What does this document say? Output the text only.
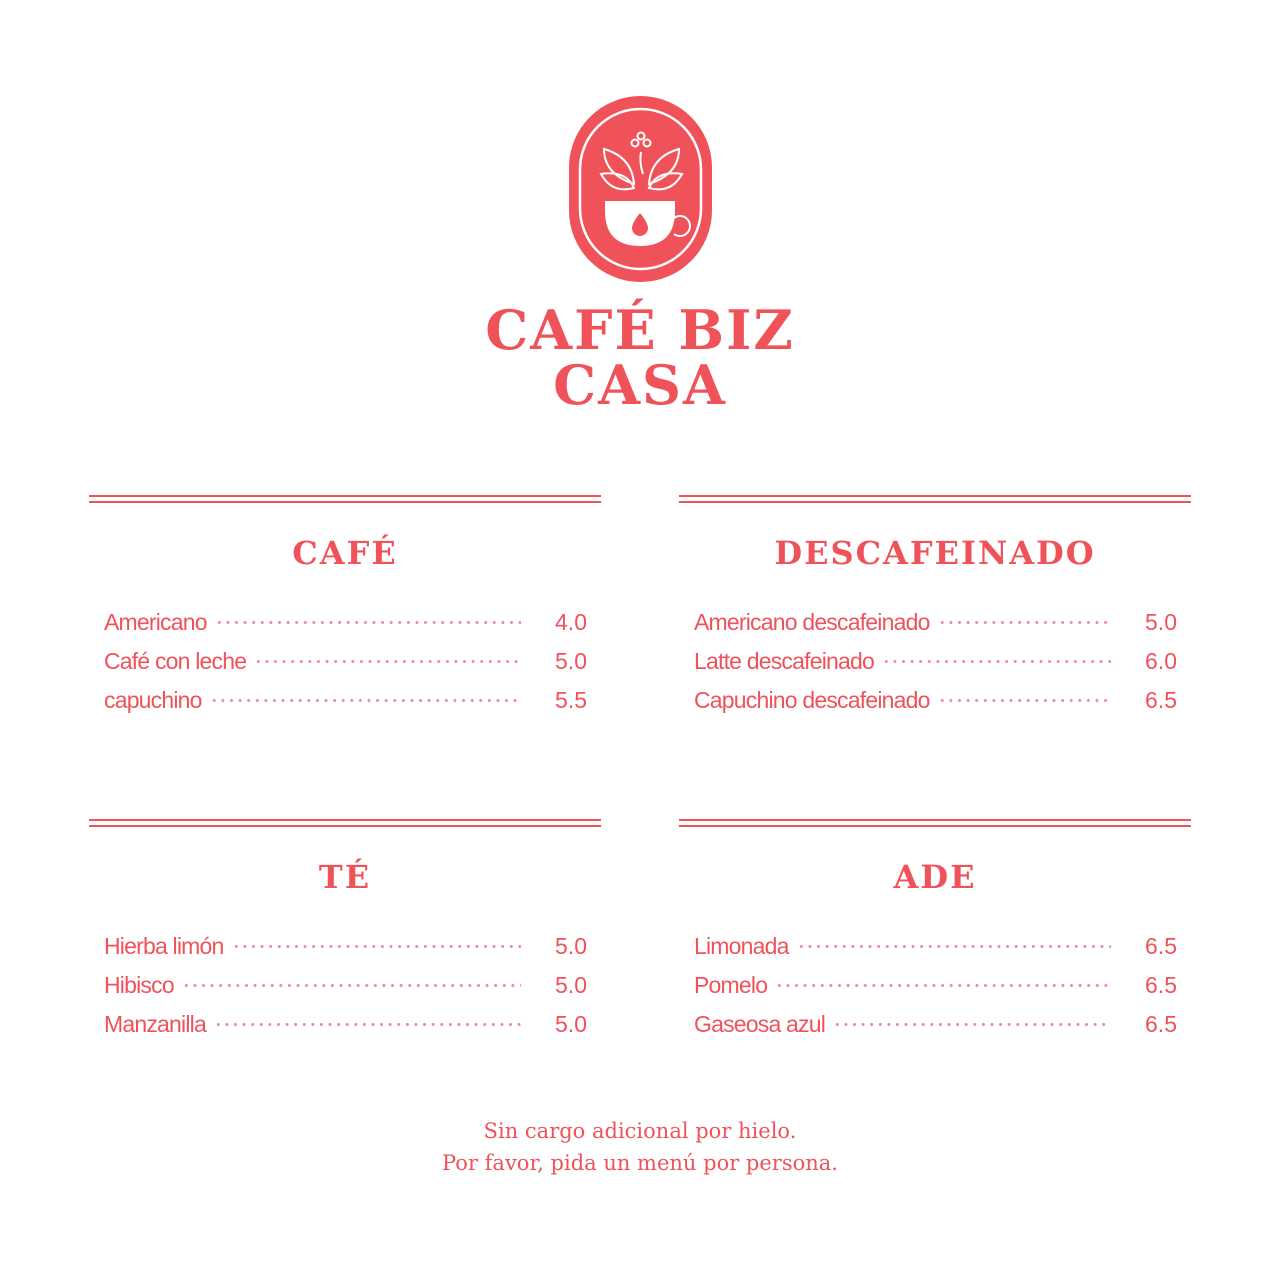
CAFÉ BIZ
CASA
CAFÉ
Americano	4.0
Café con leche	5.0
capuchino	5.5
DESCAFEINADO
Americano descafeinado	5.0
Latte descafeinado	6.0
Capuchino descafeinado	6.5
TÉ
Hierba limón	5.0
Hibisco	5.0
Manzanilla	5.0
ADE
Limonada	6.5
Pomelo	6.5
Gaseosa azul	6.5
Sin cargo adicional por hielo.
Por favor, pida un menú por persona.
